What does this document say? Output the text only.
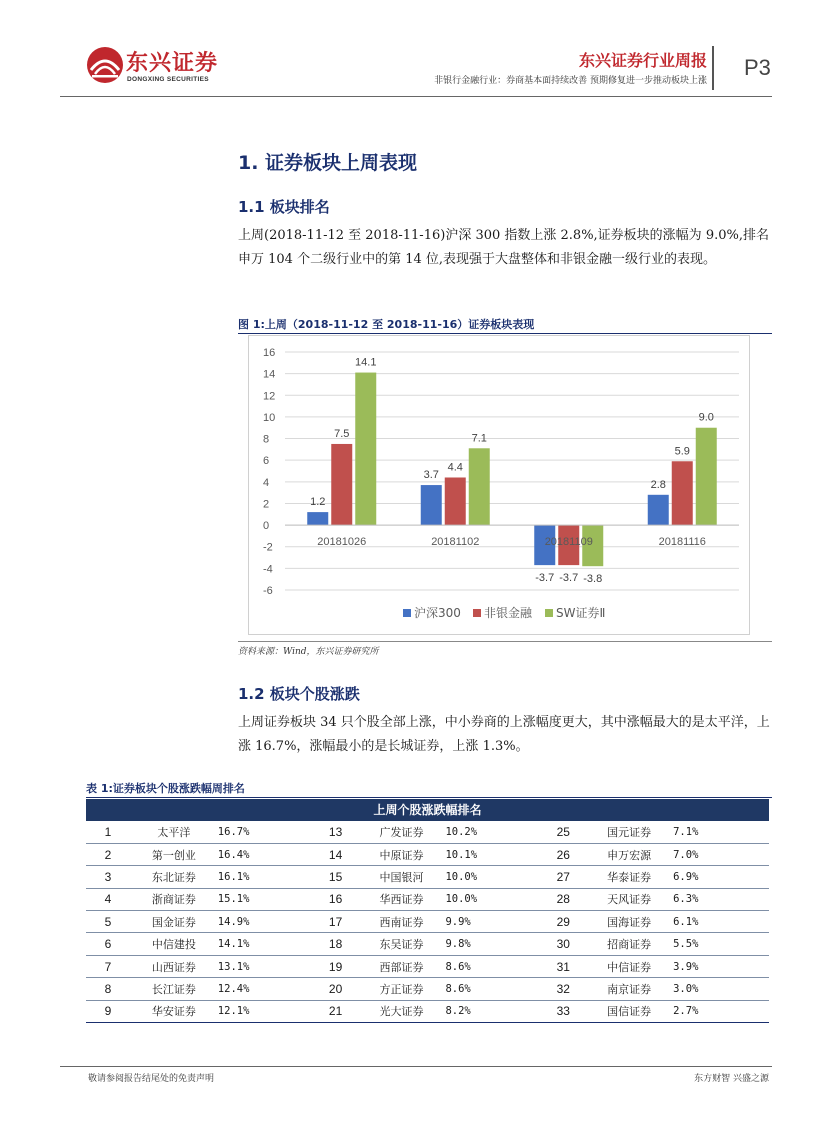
东兴证券
DONGXING SECURITIES
东兴证券行业周报
非银行金融行业：券商基本面持续改善 预期修复进一步推动板块上涨
P3
1. 证券板块上周表现
1.1 板块排名
上周(2018-11-12 至 2018-11-16)沪深 300 指数上涨 2.8%,证券板块的涨幅为 9.0%,排名申万 104 个二级行业中的第 14 位,表现强于大盘整体和非银金融一级行业的表现。
图 1:上周（2018-11-12 至 2018-11-16）证券板块表现
16
14
12
10
8
6
4
2
0
-2
-4
-6
1.2
3.7
-3.7
2.8
7.5
4.4
-3.7
5.9
14.1
7.1
-3.8
9.0
20181026	20181102	20181109	20181116
沪深300 非银金融 SW证券Ⅱ
资料来源：Wind，东兴证券研究所
1.2 板块个股涨跌
上周证券板块 34 只个股全部上涨，中小券商的上涨幅度更大，其中涨幅最大的是太平洋，上涨 16.7%，涨幅最小的是长城证券，上涨 1.3%。
表 1:证券板块个股涨跌幅周排名
上周个股涨跌幅排名
1	太平洋	16.7%	13	广发证券	10.2%	25	国元证券	7.1%
2	第一创业	16.4%	14	中原证券	10.1%	26	申万宏源	7.0%
3	东北证券	16.1%	15	中国银河	10.0%	27	华泰证券	6.9%
4	浙商证券	15.1%	16	华西证券	10.0%	28	天风证券	6.3%
5	国金证券	14.9%	17	西南证券	9.9%	29	国海证券	6.1%
6	中信建投	14.1%	18	东吴证券	9.8%	30	招商证券	5.5%
7	山西证券	13.1%	19	西部证券	8.6%	31	中信证券	3.9%
8	长江证券	12.4%	20	方正证券	8.6%	32	南京证券	3.0%
9	华安证券	12.1%	21	光大证券	8.2%	33	国信证券	2.7%
敬请参阅报告结尾处的免责声明	东方财智 兴盛之源
